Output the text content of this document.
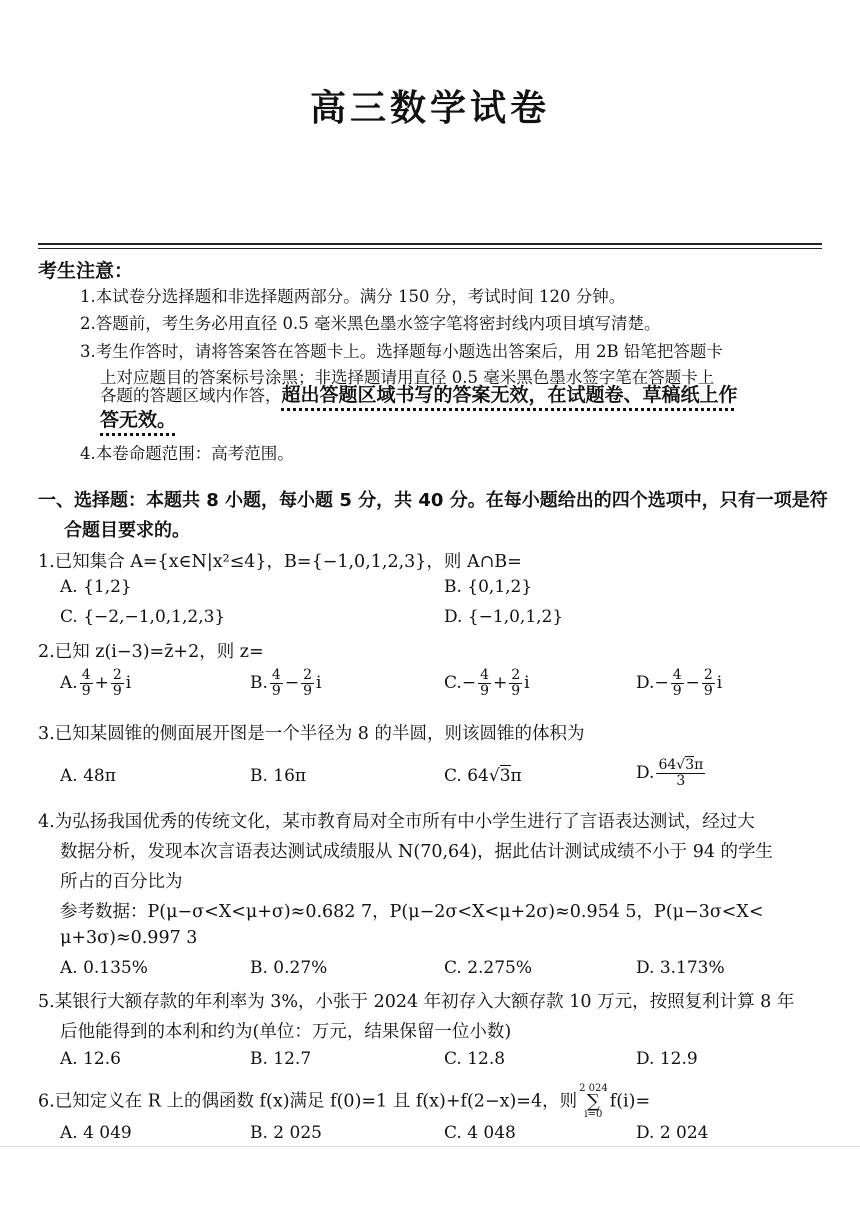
高三数学试卷
考生注意：
1.本试卷分选择题和非选择题两部分。满分 150 分，考试时间 120 分钟。
2.答题前，考生务必用直径 0.5 毫米黑色墨水签字笔将密封线内项目填写清楚。
3.考生作答时，请将答案答在答题卡上。选择题每小题选出答案后，用 2B 铅笔把答题卡
上对应题目的答案标号涂黑；非选择题请用直径 0.5 毫米黑色墨水签字笔在答题卡上
各题的答题区域内作答，超出答题区域书写的答案无效，在试题卷、草稿纸上作
答无效。
4.本卷命题范围：高考范围。
一、选择题：本题共 8 小题，每小题 5 分，共 40 分。在每小题给出的四个选项中，只有一项是符
合题目要求的。
1.已知集合 A={x∈N|x²≤4}，B={−1,0,1,2,3}，则 A∩B=
A. {1,2}	B. {0,1,2}
C. {−2,−1,0,1,2,3}	D. {−1,0,1,2}
2.已知 z(i−3)=z̄+2，则 z=
A. $\frac{4}{9} + \frac{2}{9}$ i	B. $\frac{4}{9} - \frac{2}{9}$ i	$C.- \frac{4}{9} + \frac{2}{9}$ i	$D.- \frac{4}{9} - \frac{2}{9}$ i
3.已知某圆锥的侧面展开图是一个半径为 8 的半圆，则该圆锥的体积为
A. 48π	B. 16π	C. 64√3π	D. $\frac{64√3\pi}{3}$
4.为弘扬我国优秀的传统文化，某市教育局对全市所有中小学生进行了言语表达测试，经过大
数据分析，发现本次言语表达测试成绩服从 N(70,64)，据此估计测试成绩不小于 94 的学生
所占的百分比为
参考数据：P(μ−σ<X<μ+σ)≈0.682 7，P(μ−2σ<X<μ+2σ)≈0.954 5，P(μ−3σ<X<
μ+3σ)≈0.997 3
A. 0.135%	B. 0.27%	C. 2.275%	D. 3.173%
5.某银行大额存款的年利率为 3%，小张于 2024 年初存入大额存款 10 万元，按照复利计算 8 年
后他能得到的本利和约为(单位：万元，结果保留一位小数)
A. 12.6	B. 12.7	C. 12.8	D. 12.9
6.已知定义在 R 上的偶函数 f(x)满足 f(0)=1 且 f(x)+f(2−x)=4，则2 024
∑
i=0f(i)=
A. 4 049	B. 2 025	C. 4 048	D. 2 024
